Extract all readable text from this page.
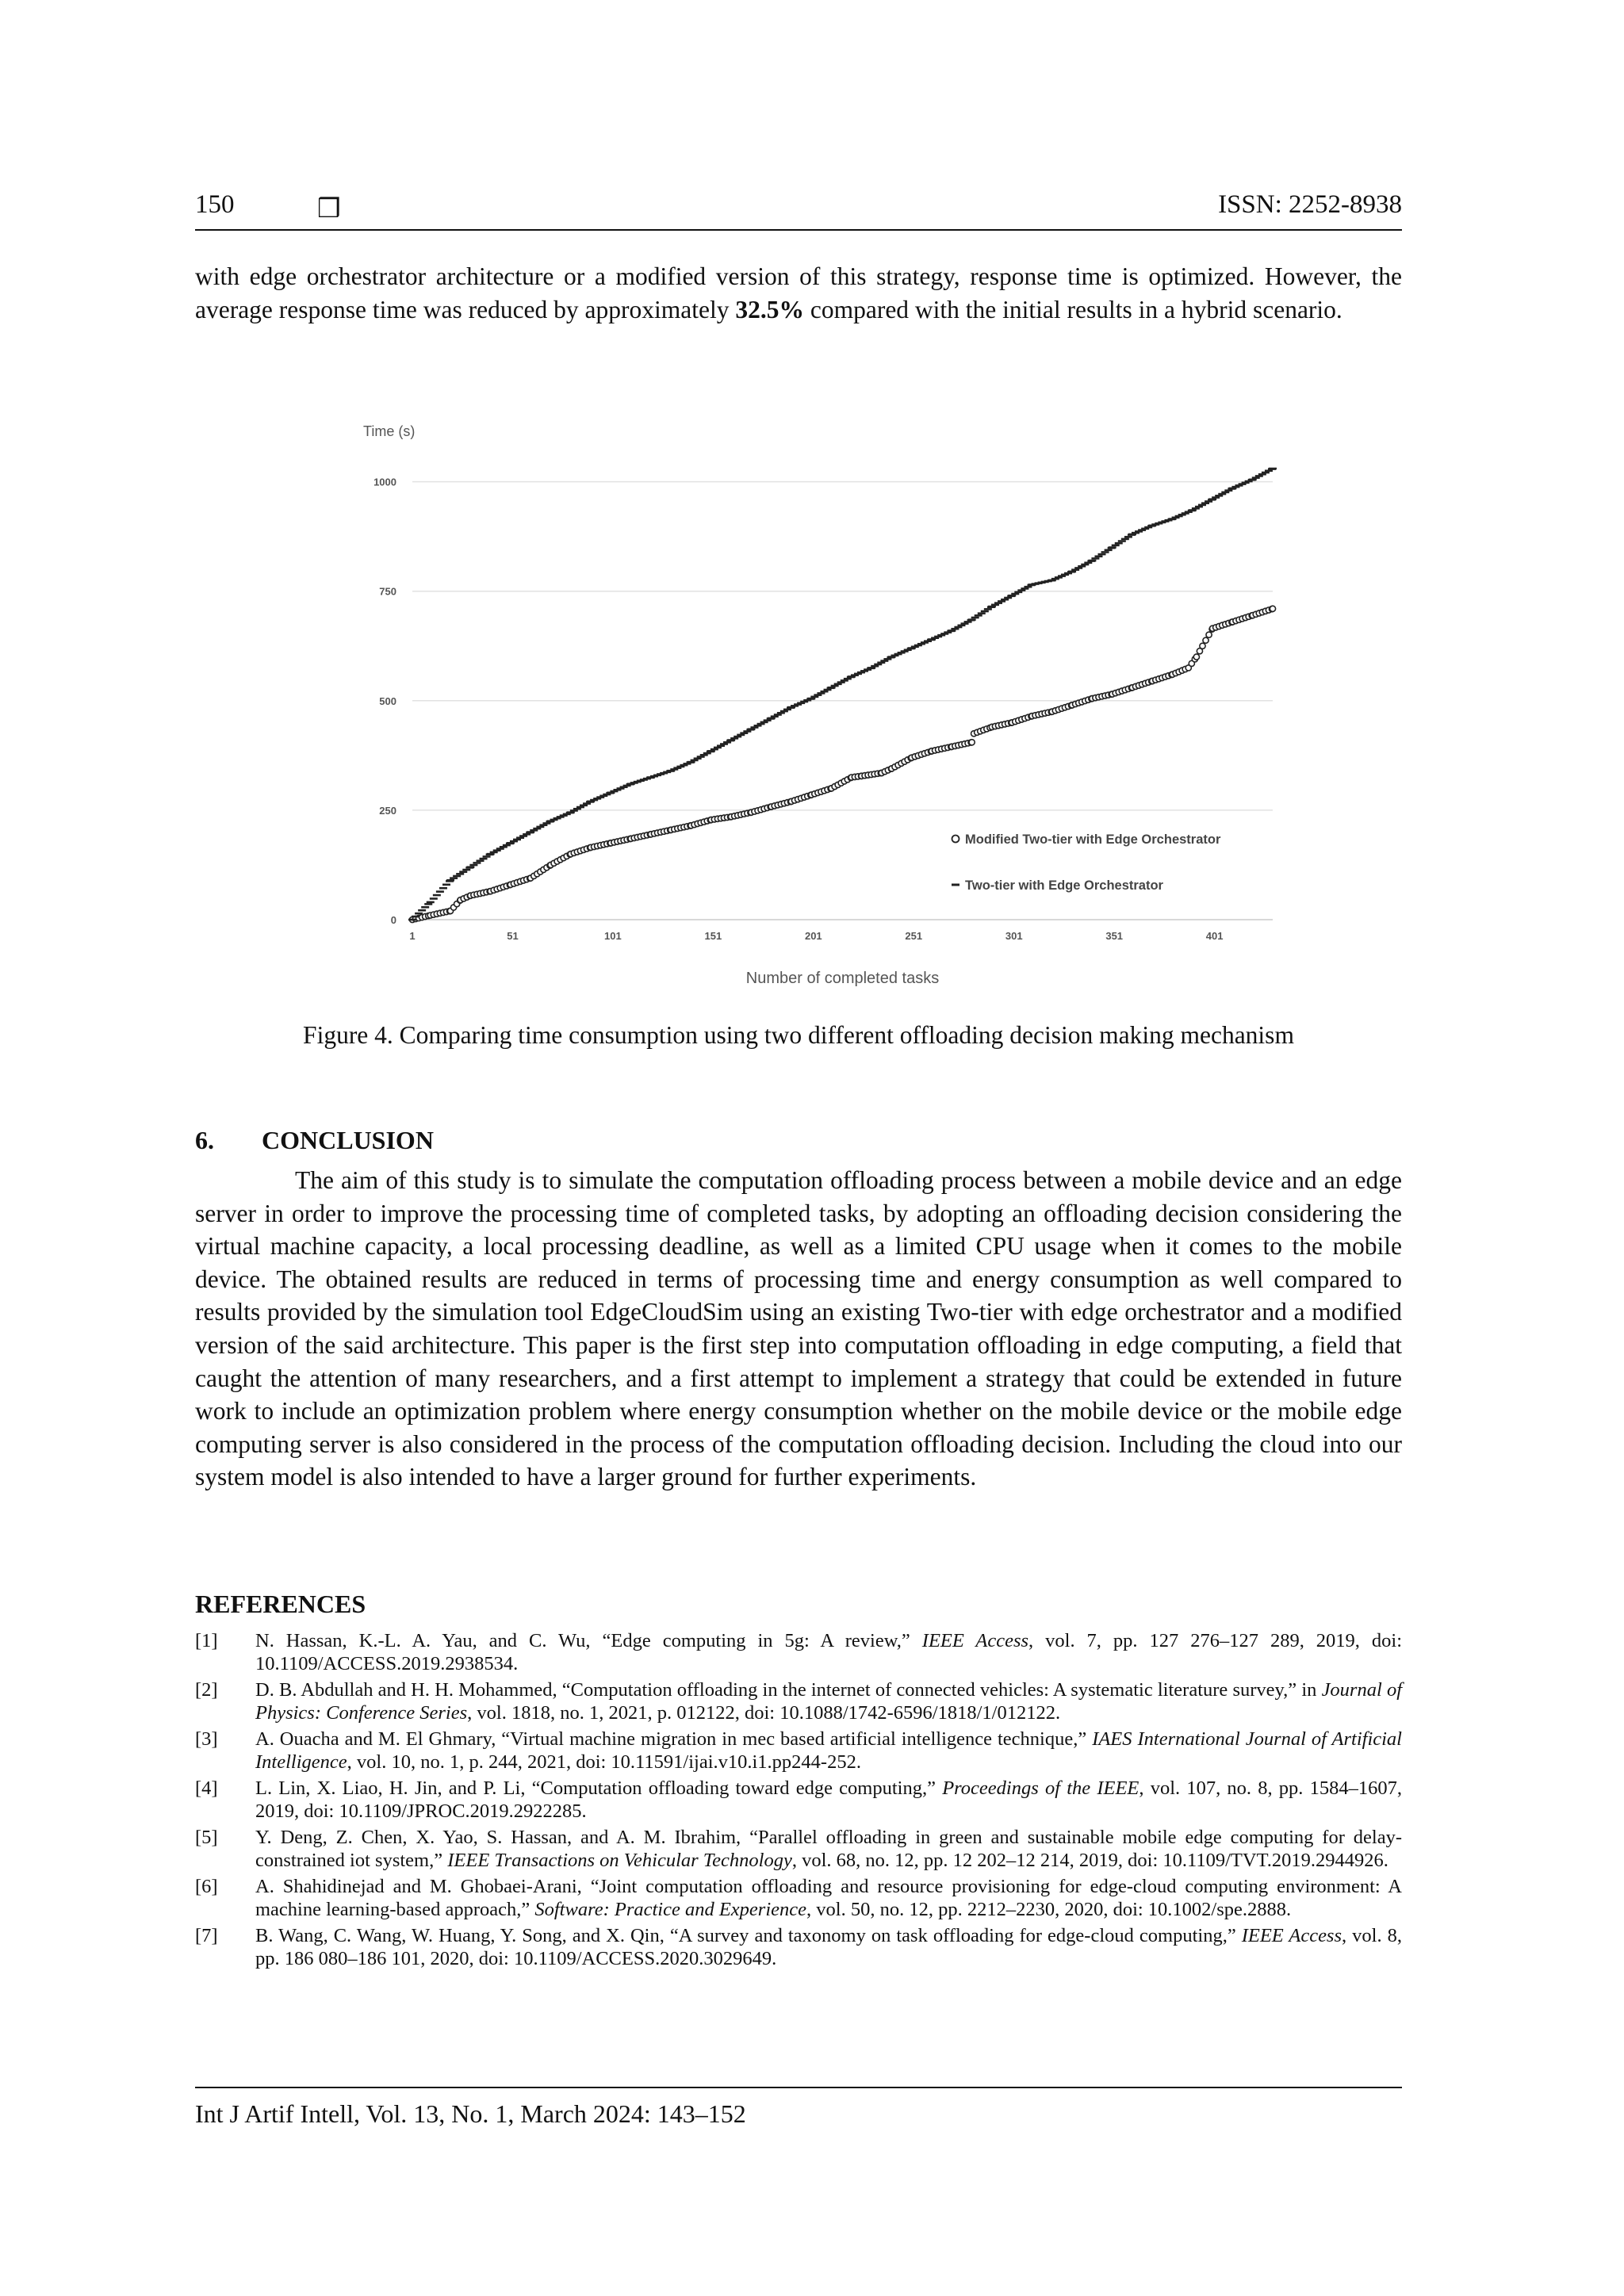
150	❒	ISSN: 2252-8938

with edge orchestrator architecture or a modified version of this strategy, response time is optimized. However, the average response time was reduced by approximately 32.5% compared with the initial results in a hybrid scenario.

0
250
500
750
1000
1	51	101	151	201	251	301	351	401
Time (s)
Number of completed tasks
Modified Two-tier with Edge Orchestrator
Two-tier with Edge Orchestrator

Figure 4. Comparing time consumption using two different offloading decision making mechanism

6. CONCLUSION

The aim of this study is to simulate the computation offloading process between a mobile device and an edge server in order to improve the processing time of completed tasks, by adopting an offloading decision considering the virtual machine capacity, a local processing deadline, as well as a limited CPU usage when it comes to the mobile device. The obtained results are reduced in terms of processing time and energy consumption as well compared to results provided by the simulation tool EdgeCloudSim using an existing Two-tier with edge orchestrator and a modified version of the said architecture. This paper is the first step into computation offloading in edge computing, a field that caught the attention of many researchers, and a first attempt to implement a strategy that could be extended in future work to include an optimization problem where energy consumption whether on the mobile device or the mobile edge computing server is also considered in the process of the computation offloading decision. Including the cloud into our system model is also intended to have a larger ground for further experiments.

REFERENCES
[1] N. Hassan, K.-L. A. Yau, and C. Wu, “Edge computing in 5g: A review,” IEEE Access, vol. 7, pp. 127 276–127 289, 2019, doi: 10.1109/ACCESS.2019.2938534.
[2] D. B. Abdullah and H. H. Mohammed, “Computation offloading in the internet of connected vehicles: A systematic literature survey,” in Journal of Physics: Conference Series, vol. 1818, no. 1, 2021, p. 012122, doi: 10.1088/1742-6596/1818/1/012122.
[3] A. Ouacha and M. El Ghmary, “Virtual machine migration in mec based artificial intelligence technique,” IAES International Journal of Artificial Intelligence, vol. 10, no. 1, p. 244, 2021, doi: 10.11591/ijai.v10.i1.pp244-252.
[4] L. Lin, X. Liao, H. Jin, and P. Li, “Computation offloading toward edge computing,” Proceedings of the IEEE, vol. 107, no. 8, pp. 1584–1607, 2019, doi: 10.1109/JPROC.2019.2922285.
[5] Y. Deng, Z. Chen, X. Yao, S. Hassan, and A. M. Ibrahim, “Parallel offloading in green and sustainable mobile edge computing for delay-constrained iot system,” IEEE Transactions on Vehicular Technology, vol. 68, no. 12, pp. 12 202–12 214, 2019, doi: 10.1109/TVT.2019.2944926.
[6] A. Shahidinejad and M. Ghobaei-Arani, “Joint computation offloading and resource provisioning for edge-cloud computing environment: A machine learning-based approach,” Software: Practice and Experience, vol. 50, no. 12, pp. 2212–2230, 2020, doi: 10.1002/spe.2888.
[7] B. Wang, C. Wang, W. Huang, Y. Song, and X. Qin, “A survey and taxonomy on task offloading for edge-cloud computing,” IEEE Access, vol. 8, pp. 186 080–186 101, 2020, doi: 10.1109/ACCESS.2020.3029649.

Int J Artif Intell, Vol. 13, No. 1, March 2024: 143–152
